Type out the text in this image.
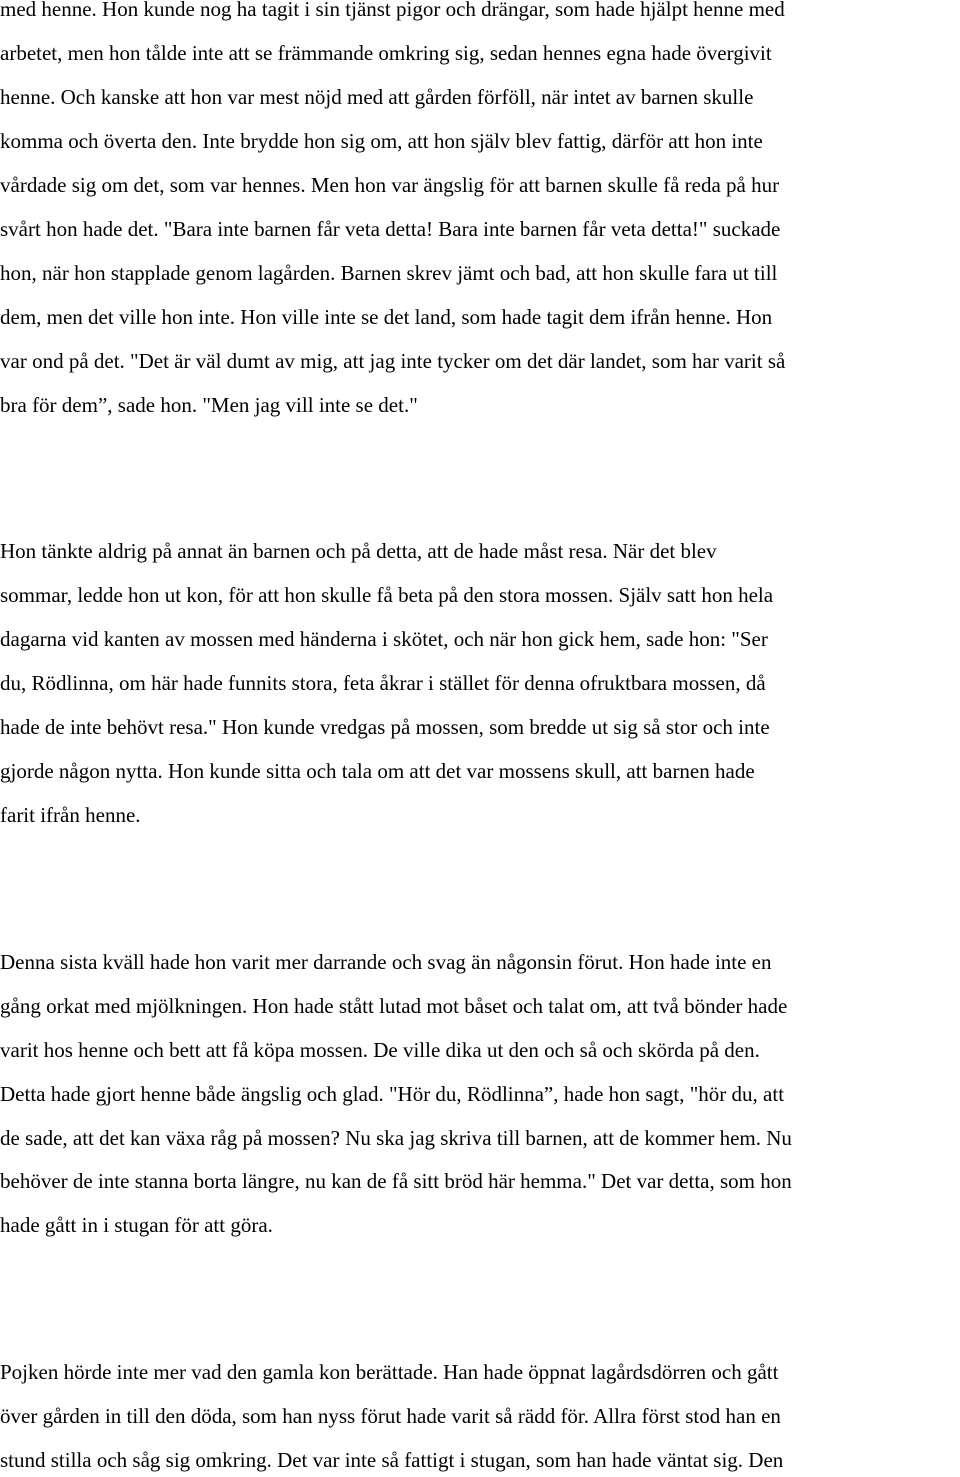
med henne. Hon kunde nog ha tagit i sin tjänst pigor och drängar, som hade hjälpt henne med

arbetet, men hon tålde inte att se främmande omkring sig, sedan hennes egna hade övergivit

henne. Och kanske att hon var mest nöjd med att gården förföll, när intet av barnen skulle

komma och överta den. Inte brydde hon sig om, att hon själv blev fattig, därför att hon inte

vårdade sig om det, som var hennes. Men hon var ängslig för att barnen skulle få reda på hur

svårt hon hade det. "Bara inte barnen får veta detta! Bara inte barnen får veta detta!" suckade

hon, när hon stapplade genom lagården. Barnen skrev jämt och bad, att hon skulle fara ut till

dem, men det ville hon inte. Hon ville inte se det land, som hade tagit dem ifrån henne. Hon

var ond på det. "Det är väl dumt av mig, att jag inte tycker om det där landet, som har varit så

bra för dem”, sade hon. "Men jag vill inte se det."

Hon tänkte aldrig på annat än barnen och på detta, att de hade måst resa. När det blev

sommar, ledde hon ut kon, för att hon skulle få beta på den stora mossen. Själv satt hon hela

dagarna vid kanten av mossen med händerna i skötet, och när hon gick hem, sade hon: "Ser

du, Rödlinna, om här hade funnits stora, feta åkrar i stället för denna ofruktbara mossen, då

hade de inte behövt resa." Hon kunde vredgas på mossen, som bredde ut sig så stor och inte

gjorde någon nytta. Hon kunde sitta och tala om att det var mossens skull, att barnen hade

farit ifrån henne.

Denna sista kväll hade hon varit mer darrande och svag än någonsin förut. Hon hade inte en

gång orkat med mjölkningen. Hon hade stått lutad mot båset och talat om, att två bönder hade

varit hos henne och bett att få köpa mossen. De ville dika ut den och så och skörda på den.

Detta hade gjort henne både ängslig och glad. "Hör du, Rödlinna”, hade hon sagt, "hör du, att

de sade, att det kan växa råg på mossen? Nu ska jag skriva till barnen, att de kommer hem. Nu

behöver de inte stanna borta längre, nu kan de få sitt bröd här hemma." Det var detta, som hon

hade gått in i stugan för att göra.

Pojken hörde inte mer vad den gamla kon berättade. Han hade öppnat lagårdsdörren och gått

över gården in till den döda, som han nyss förut hade varit så rädd för. Allra först stod han en

stund stilla och såg sig omkring. Det var inte så fattigt i stugan, som han hade väntat sig. Den
